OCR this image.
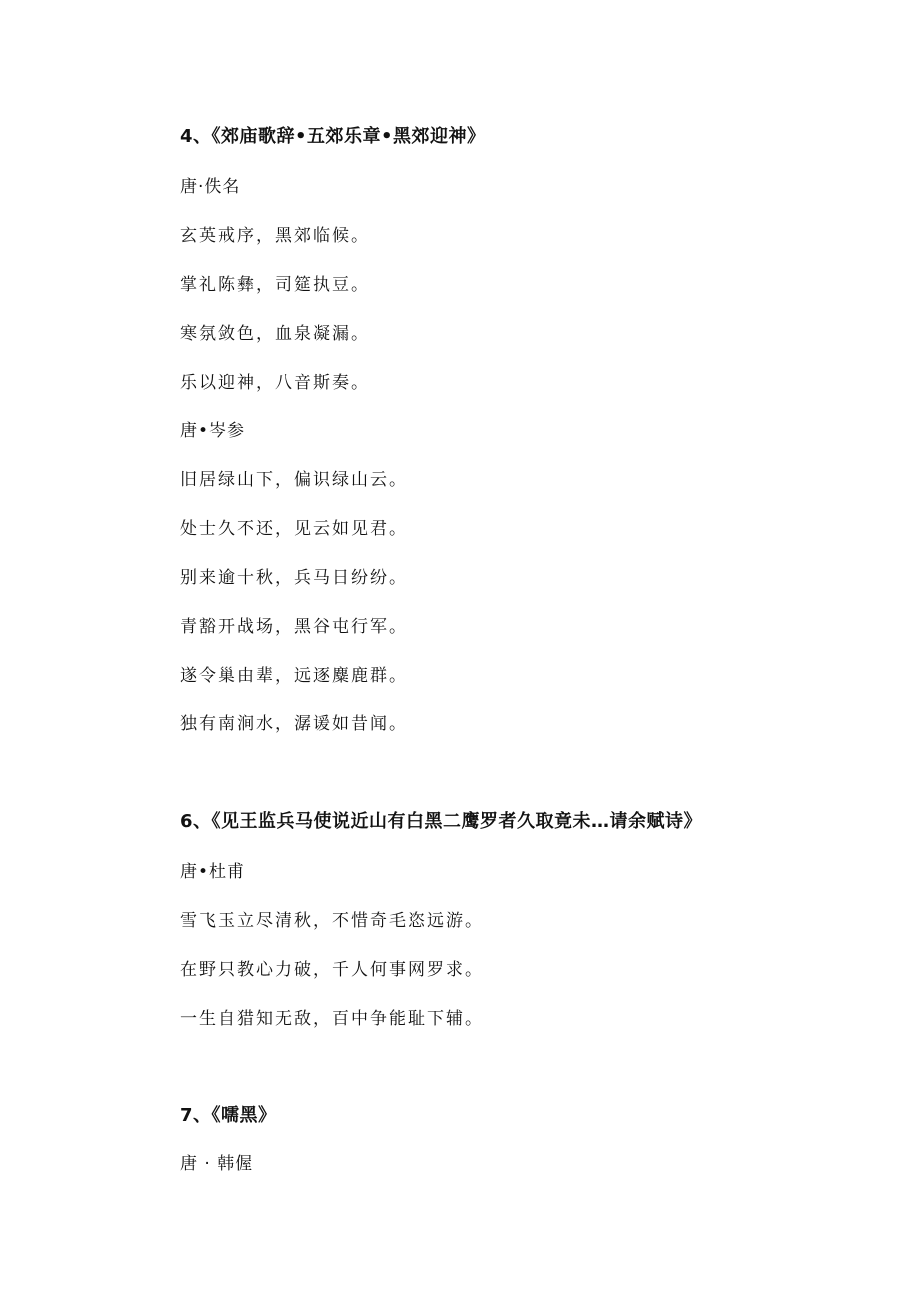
4、《郊庙歌辞•五郊乐章•黑郊迎神》
唐·佚名
玄英戒序，黑郊临候。
掌礼陈彝，司筵执豆。
寒氛敛色，血泉凝漏。
乐以迎神，八音斯奏。
唐•岑参
旧居绿山下，偏识绿山云。
处士久不还，见云如见君。
别来逾十秋，兵马日纷纷。
青豁开战场，黑谷屯行军。
遂令巢由辈，远逐麋鹿群。
独有南涧水，潺谖如昔闻。
6、《见王监兵马使说近山有白黑二鹰罗者久取竟未…请余赋诗》
唐•杜甫
雪飞玉立尽清秋，不惜奇毛恣远游。
在野只教心力破，千人何事网罗求。
一生自猎知无敌，百中争能耻下辅。
7、《嚅黑》
唐 · 韩偓
